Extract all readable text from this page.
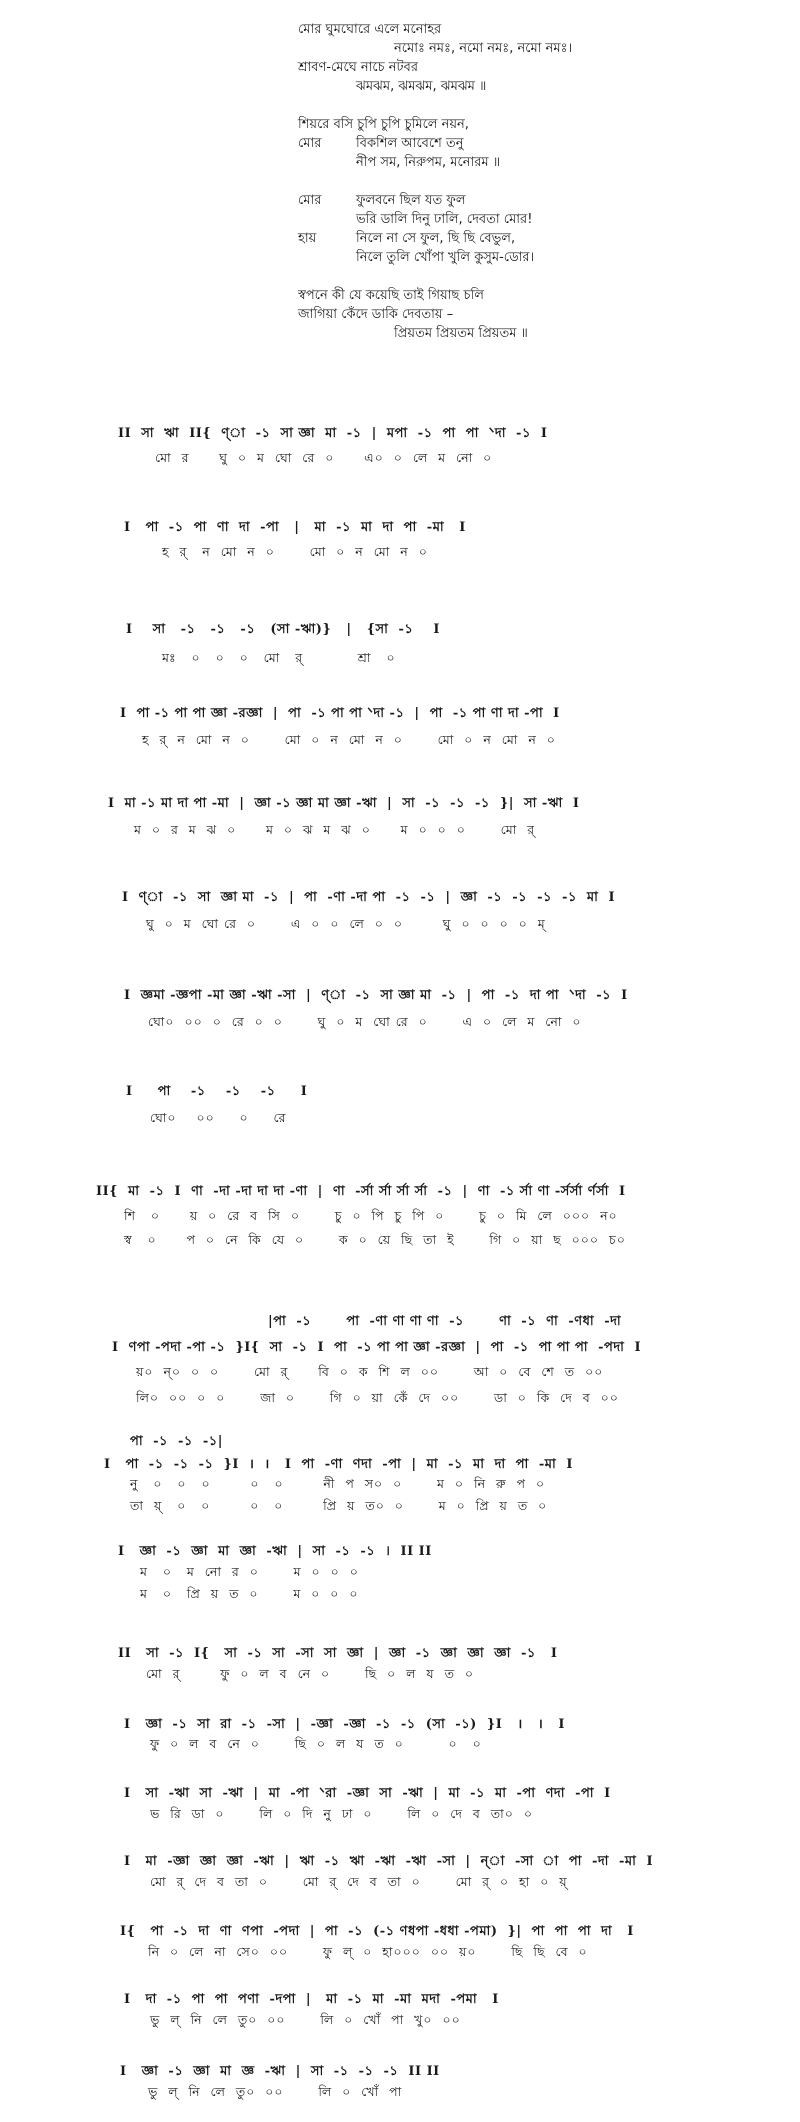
মোর ঘুমঘোরে এলে মনোহর
নমোঃ নমঃ, নমো নমঃ, নমো নমঃ।
শ্রাবণ-মেঘে নাচে নটবর
ঝমঝম, ঝমঝম, ঝমঝম ॥
শিয়রে বসি চুপি চুপি চুমিলে নয়ন,
মোর	বিকশিল আবেশে তনু
নীপ সম, নিরুপম, মনোরম ॥
মোর	ফুলবনে ছিল যত ফুল
ভরি ডালি দিনু ঢালি, দেবতা মোর!
হায়	নিলে না সে ফুল, ছি ছি বেভুল,
নিলে তুলি খোঁপা খুলি কুসুম-ডোর।
স্বপনে কী যে কয়েছি তাই গিয়াছ চলি
জাগিয়া কেঁদে ডাকি দেবতায় –
প্রিয়তম প্রিয়তম প্রিয়তম ॥
II  সা  ঋা  II{  ণ্া  -১  সা জ্ঞা  মা  -১  |  মপা  -১  পা  পা  ᐠদা  -১  I
মো  র      ঘু  ০  ম  ঘো  রে  ০      এ০  ০  লে  ম  নো  ০
I   পা  -১  পা  ণা  দা  -পা   |   মা  -১  মা  দা  পা  -মা   I
হ  র্   ন  মো  ন  ০       মো  ০  ন  মো  ন  ০
I    সা   -১   -১   -১   (সা -ঋা)}   |   {সা  -১    I
মঃ   ০   ০   ০   মো   র্           শ্রা   ০
I  পা -১ পা পা জ্ঞা -রজ্ঞা  |  পা  -১ পা পা ᐠদা -১  |  পা  -১ পা ণা দা -পা  I
হ  র্  ন  মো  ন  ০       মো  ০  ন  মো  ন  ০       মো  ০  ন  মো  ন  ০
I  মা -১ মা দা পা -মা  |  জ্ঞা -১ জ্ঞা মা জ্ঞা -ঋা  |  সা  -১  -১  -১  }|  সা -ঋা  I
ম  ০  র  ম  ঝ  ০      ম  ০  ঝ  ম  ঝ  ০      ম  ০  ০  ০       মো  র্
I  ণ্া  -১  সা  জ্ঞা মা  -১  |  পা  -ণা -দা পা  -১  -১  |  জ্ঞা  -১  -১  -১  -১  মা  I
ঘু  ০  ম  ঘো রে  ০       এ  ০  ০  লে  ০  ০        ঘু  ০  ০  ০  ০  ম্
I  জ্ঞমা -জ্ঞপা -মা জ্ঞা -ঋা -সা  |  ণ্া  -১  সা জ্ঞা মা  -১  |  পা  -১  দা পা  ᐠদা  -১  I
ঘো০  ০০  ০  রে  ০  ০       ঘু  ০  ম  ঘো রে  ০       এ  ০  লে  ম  নো  ০
I     পা    -১    -১    -১     I
ঘো০    ০০     ০     রে
II{  মা  -১  I  ণা  -দা -দা দা দা -ণা  |  ণা  -র্সা র্সা র্সা র্সা  -১  |  ণা  -১ র্সা ণা -র্সর্সা র্ণর্সা  I
শি   ০      য়  ০  রে  ব  সি  ০       চু  ০  পি  চু  পি  ০       চু  ০  মি  লে  ০০০  ন০
স্ব   ০      প  ০  নে  কি  যে  ০       ক  ০  য়ে  ছি  তা  ই       গি  ০  য়া  ছ  ০০০  চ০
|পা  -১       পা  -ণা ণা ণা ণা  -১       ণা  -১  ণা  -ণধা  -দা
I  ণপা -পদা -পা -১  }I{  সা  -১  I  পা  -১ পা পা জ্ঞা -রজ্ঞা  |  পা  -১  পা পা পা  -পদা  I
য়০  ন্০  ০  ০       মো  র্      বি  ০  ক  শি  ল  ০০       আ  ০  বে  শে  ত  ০০
লি০  ০০  ০  ০       জা  ০       গি  ০  য়া  কেঁ  দে  ০০       ডা  ০  কি  দে  ব  ০০
পা  -১  -১  -১|
I   পা  -১  -১  -১  }I  ।  ।   I  পা  -ণা  ণদা  -পা  |  মা  -১  মা  দা  পা  -মা  I
নু   ০   ০   ০        ০   ০        নী  প  স০  ০       ম  ০  নি  রু  প  ০
তা  য়্   ০   ০        ০   ০        প্রি  য়  ত০  ০       ম  ০  প্রি  য়  ত  ০
I   জ্ঞা  -১  জ্ঞা  মা  জ্ঞা  -ঋা  |  সা  -১  -১  ।  II II
ম   ০   ম  নো  র  ০       ম  ০  ০  ০
ম   ০   প্রি  য়  ত  ০       ম  ০  ০  ০
II   সা  -১  I{   সা  -১  সা  -সা  সা  জ্ঞা  |  জ্ঞা  -১  জ্ঞা  জ্ঞা  জ্ঞা  -১   I
মো  র্        ফু  ০  ল  ব  নে  ০       ছি  ০  ল  য  ত  ০
I   জ্ঞা  -১  সা  রা  -১  -সা  |  -জ্ঞা  -জ্ঞা  -১  -১  (সা  -১)  }I   ।   ।   I
ফু  ০  ল  ব  নে  ০       ছি  ০  ল  য  ত  ০         ০   ০
I   সা  -ঋা  সা  -ঋা  |  মা  -পা  ᐠরা  -জ্ঞা  সা  -ঋা  |  মা  -১  মা  -পা  ণদা  -পা  I
ভ  রি  ডা  ০       লি  ০  দি  নু  ঢা  ০       লি  ০  দে  ব  তা০  ০
I   মা  -জ্ঞা  জ্ঞা  জ্ঞা  -ঋা  |  ঋা  -১  ঋা  -ঋা  -ঋা  -সা  |  ন্া  -সা  া  পা  -দা  -মা  I
মো  র্  দে  ব  তা  ০       মো  র্  দে  ব  তা  ০       মো  র্  ০  হা  ০  য়্
I{   পা  -১  দা  ণা  ণপা  -পদা  |  পা  -১  (-১ ণধপা -ধধা -পমা)  }|  পা  পা  পা  দা   I
নি  ০  লে  না  সে০  ০০       ফু  ল্  ০  হা০০০  ০০  য়০       ছি  ছি  বে  ০
I   দা  -১  পা  পা  পণা  -দপা  |   মা  -১  মা  -মা  মদা  -পমা   I
ভু  ল্  নি  লে  তু০  ০০       লি  ০  খোঁ  পা  খু০  ০০
I   জ্ঞা  -১  জ্ঞা  মা  জ্ঞ  -ঋা  |  সা  -১  -১  -১  II II
ভু  ল্  নি  লে  তু০  ০০       লি  ০  খোঁ  পা
